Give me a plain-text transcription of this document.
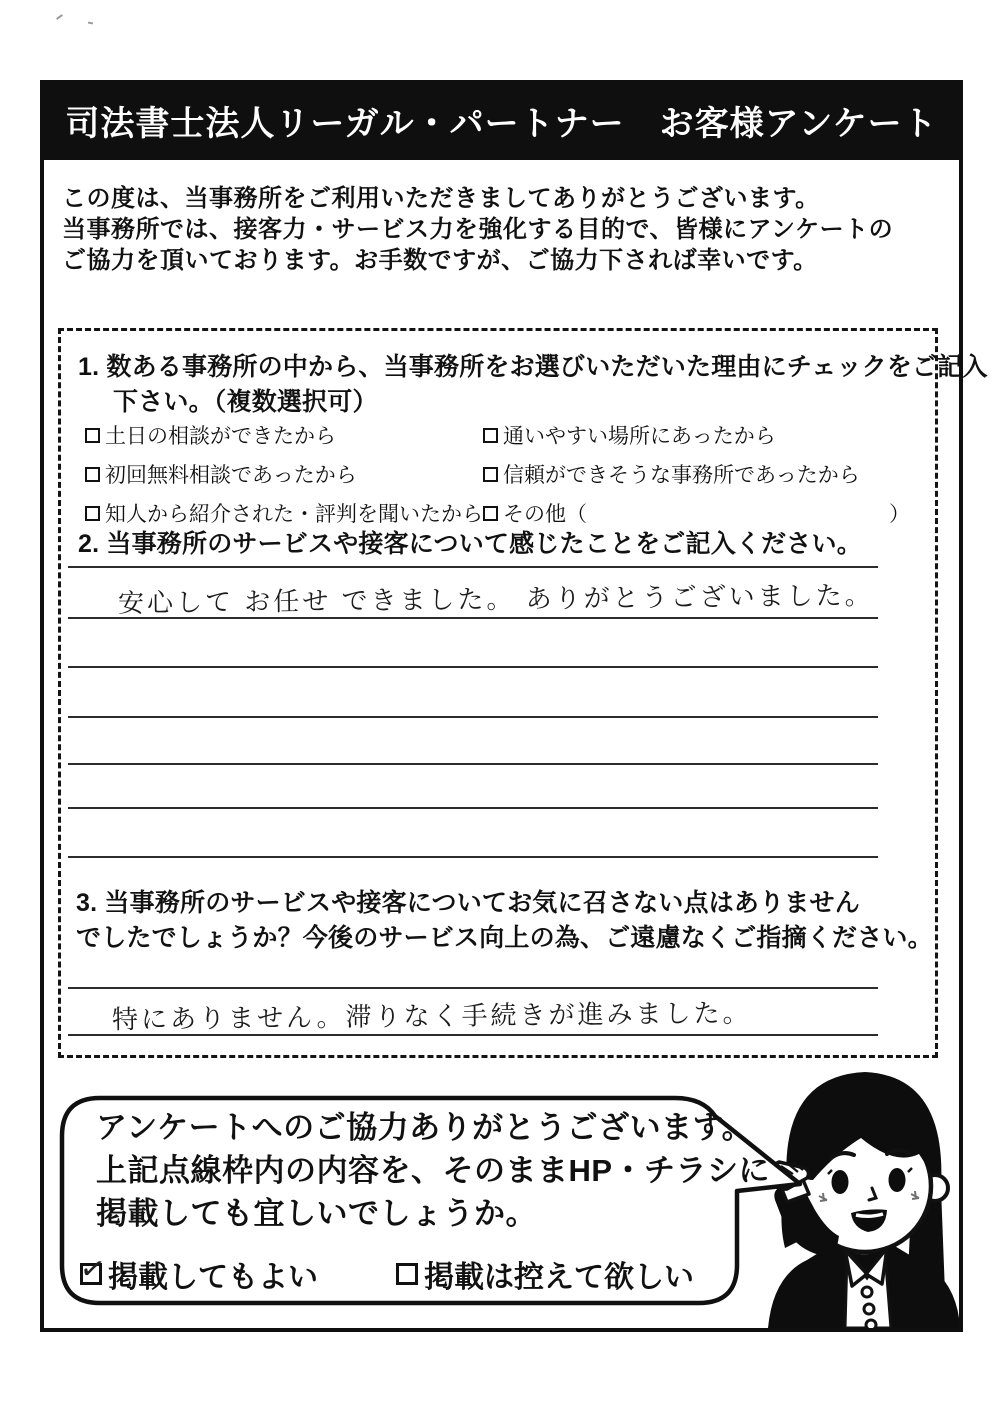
司法書士法人リーガル・パートナー　お客様アンケート
この度は、当事務所をご利用いただきましてありがとうございます。
当事務所では、接客力・サービス力を強化する目的で、皆様にアンケートの
ご協力を頂いております。お手数ですが、ご協力下されば幸いです。
1. 数ある事務所の中から、当事務所をお選びいただいた理由にチェックをご記入
下さい。（複数選択可）
土日の相談ができたから	通いやすい場所にあったから
初回無料相談であったから	信頼ができそうな事務所であったから
知人から紹介された・評判を聞いたから その他（	）
2. 当事務所のサービスや接客について感じたことをご記入ください。
安心して お任せ できました。 ありがとうございました。
3. 当事務所のサービスや接客についてお気に召さない点はありません
でしたでしょうか？今後のサービス向上の為、ご遠慮なくご指摘ください。
特にありません。滞りなく手続きが進みました。
アンケートへのご協力ありがとうございます。
上記点線枠内の内容を、そのままHP・チラシに
掲載しても宜しいでしょうか。
✓ 掲載してもよい	掲載は控えて欲しい
